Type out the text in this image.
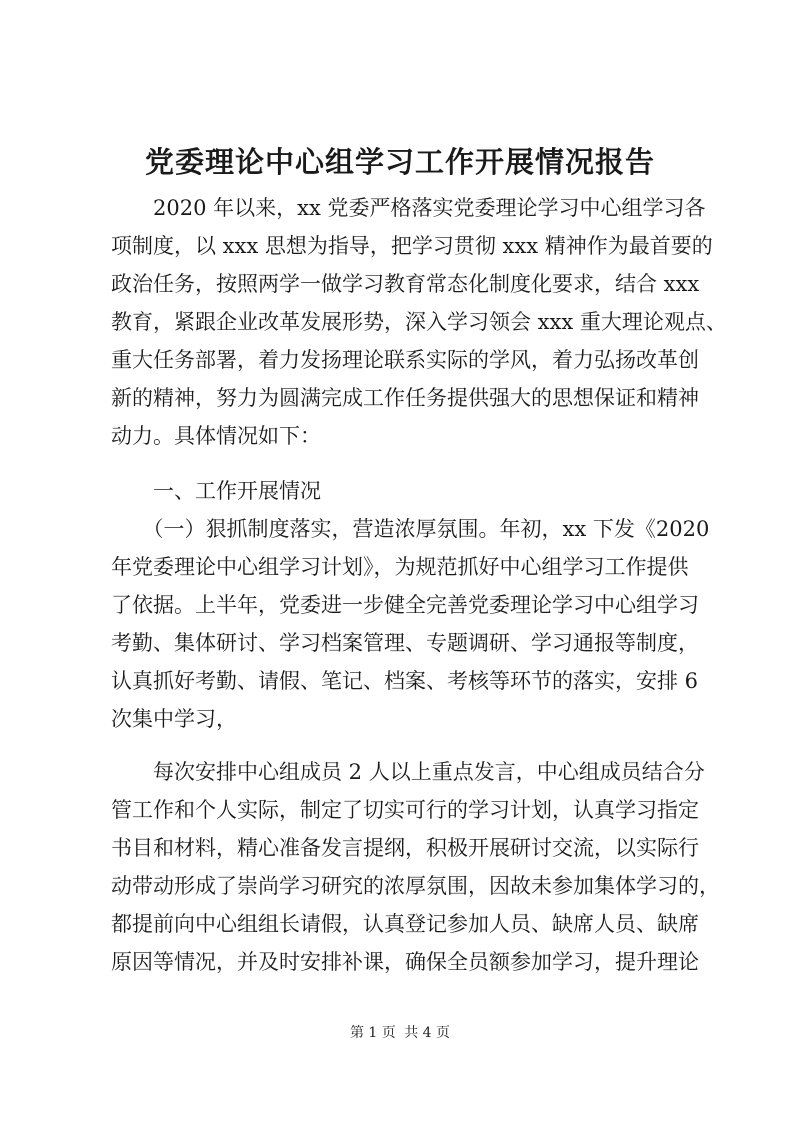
党委理论中心组学习工作开展情况报告

　　2020 年以来，xx 党委严格落实党委理论学习中心组学习各

项制度，以 xxx 思想为指导，把学习贯彻 xxx 精神作为最首要的

政治任务，按照两学一做学习教育常态化制度化要求，结合 xxx

教育，紧跟企业改革发展形势，深入学习领会 xxx 重大理论观点、

重大任务部署，着力发扬理论联系实际的学风，着力弘扬改革创

新的精神，努力为圆满完成工作任务提供强大的思想保证和精神

动力。具体情况如下：

　　一、工作开展情况

　　（一）狠抓制度落实，营造浓厚氛围。年初，xx 下发《2020

年党委理论中心组学习计划》，为规范抓好中心组学习工作提供

了依据。上半年，党委进一步健全完善党委理论学习中心组学习

考勤、集体研讨、学习档案管理、专题调研、学习通报等制度，

认真抓好考勤、请假、笔记、档案、考核等环节的落实，安排 6

次集中学习，

　　每次安排中心组成员 2 人以上重点发言，中心组成员结合分

管工作和个人实际，制定了切实可行的学习计划，认真学习指定

书目和材料，精心准备发言提纲，积极开展研讨交流，以实际行

动带动形成了崇尚学习研究的浓厚氛围，因故未参加集体学习的，

都提前向中心组组长请假，认真登记参加人员、缺席人员、缺席

原因等情况，并及时安排补课，确保全员额参加学习，提升理论

第 1 页 共 4 页
